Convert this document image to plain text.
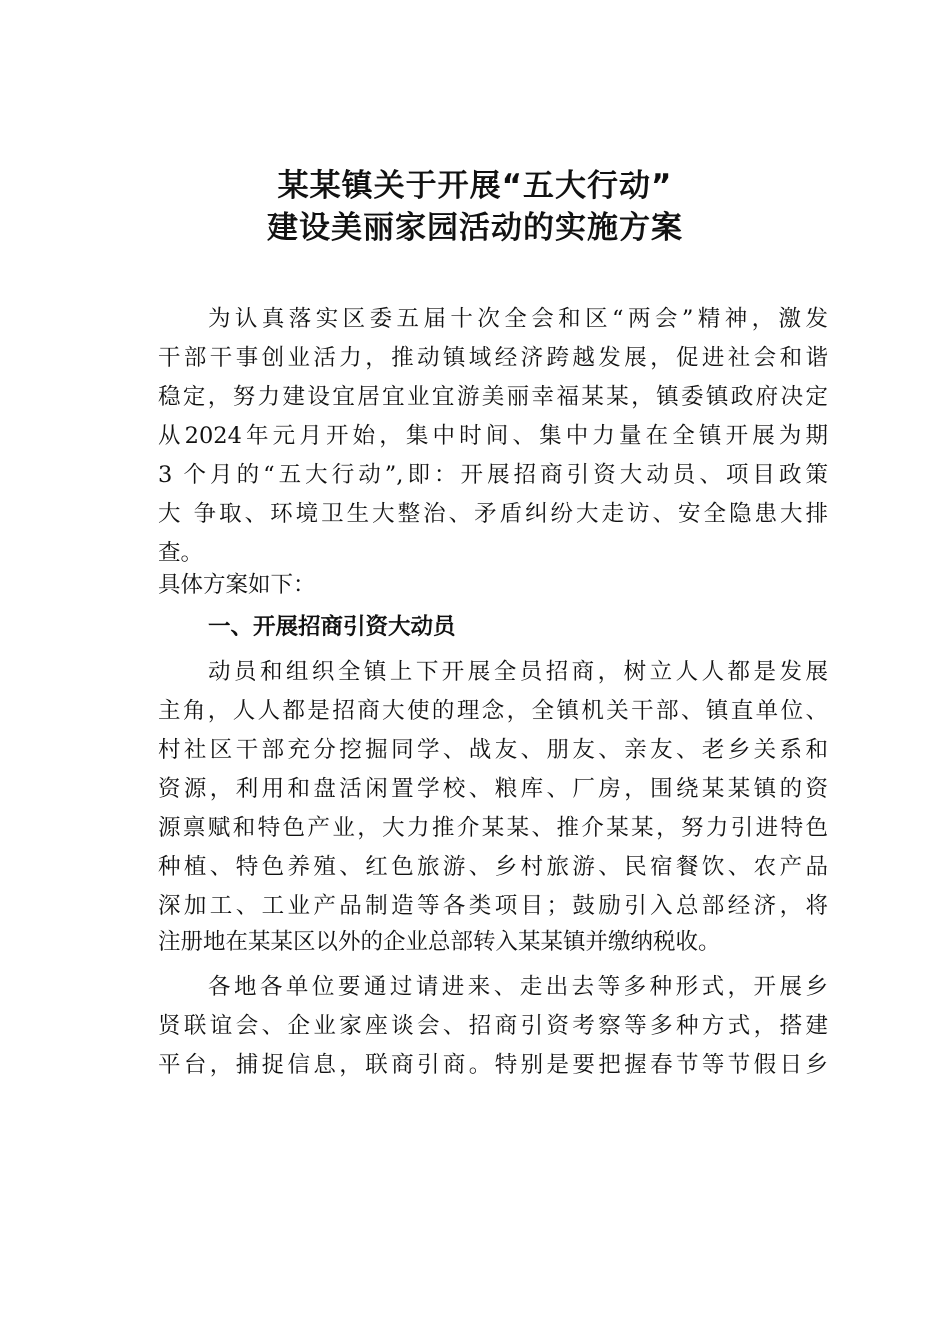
某某镇关于开展“五大行动”
建设美丽家园活动的实施方案
为认真落实区委五届十次全会和区“两会”精神，激发
干部干事创业活力，推动镇域经济跨越发展，促进社会和谐
稳定，努力建设宜居宜业宜游美丽幸福某某，镇委镇政府决定
从2024年元月开始，集中时间、集中力量在全镇开展为期
3 个月的“五大行动”,即：开展招商引资大动员、项目政策
大 争取、环境卫生大整治、矛盾纠纷大走访、安全隐患大排
查。
具体方案如下：
一、开展招商引资大动员
动员和组织全镇上下开展全员招商，树立人人都是发展
主角，人人都是招商大使的理念，全镇机关干部、镇直单位、
村社区干部充分挖掘同学、战友、朋友、亲友、老乡关系和
资源，利用和盘活闲置学校、粮库、厂房，围绕某某镇的资
源禀赋和特色产业，大力推介某某、推介某某，努力引进特色
种植、特色养殖、红色旅游、乡村旅游、民宿餐饮、农产品
深加工、工业产品制造等各类项目；鼓励引入总部经济，将
注册地在某某区以外的企业总部转入某某镇并缴纳税收。
各地各单位要通过请进来、走出去等多种形式，开展乡
贤联谊会、企业家座谈会、招商引资考察等多种方式，搭建
平台，捕捉信息，联商引商。特别是要把握春节等节假日乡
